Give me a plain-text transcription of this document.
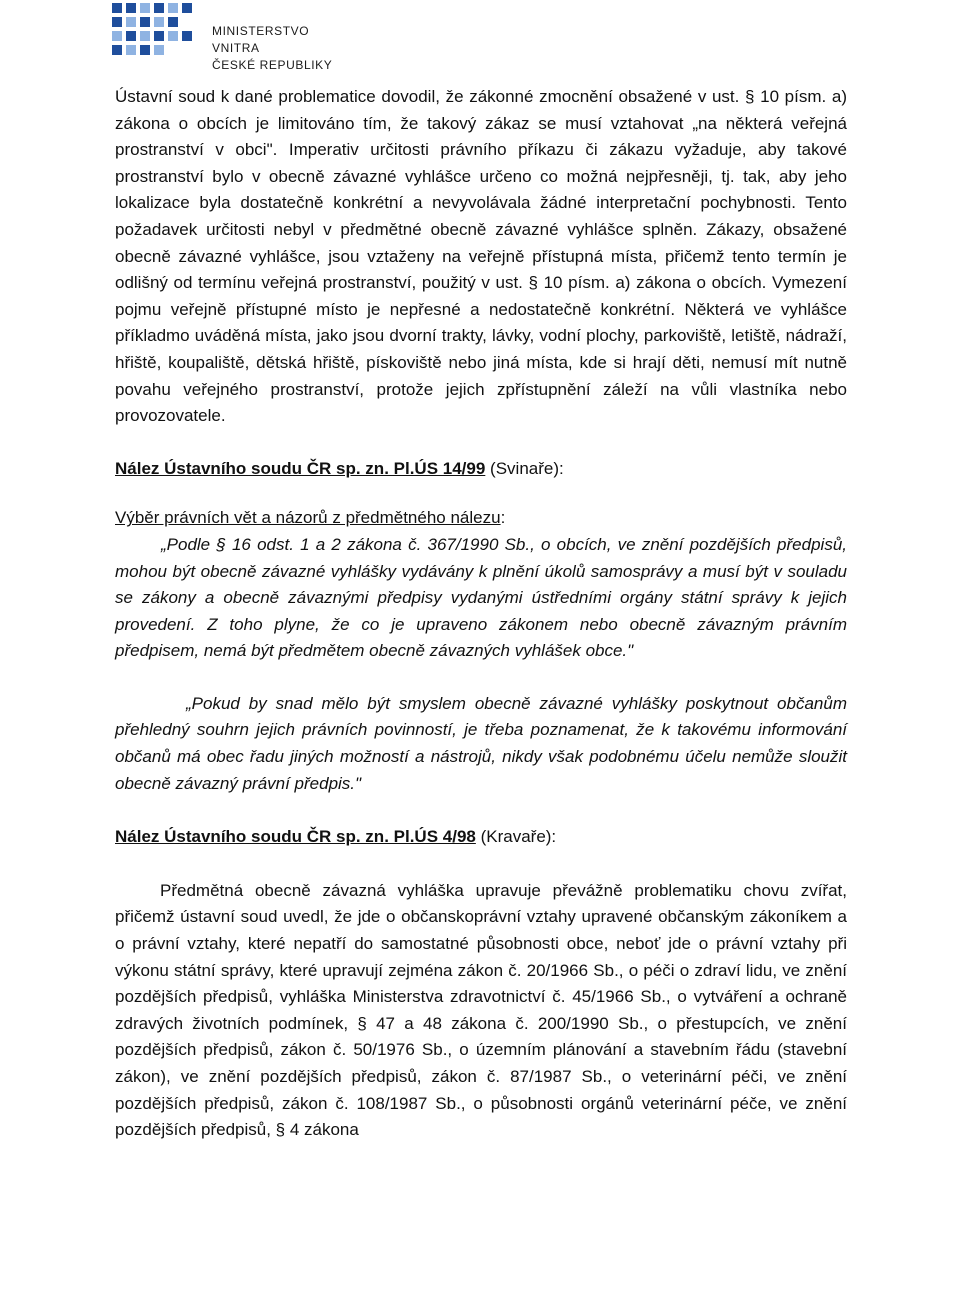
MINISTERSTVO VNITRA
ČESKÉ REPUBLIKY

Ústavní soud k dané problematice dovodil, že zákonné zmocnění obsažené v ust. § 10 písm. a) zákona o obcích je limitováno tím, že takový zákaz se musí vztahovat „na některá veřejná prostranství v obci". Imperativ určitosti právního příkazu či zákazu vyžaduje, aby takové prostranství bylo v obecně závazné vyhlášce určeno co možná nejpřesněji, tj. tak, aby jeho lokalizace byla dostatečně konkrétní a nevyvolávala žádné interpretační pochybnosti. Tento požadavek určitosti nebyl v předmětné obecně závazné vyhlášce splněn. Zákazy, obsažené obecně závazné vyhlášce, jsou vztaženy na veřejně přístupná místa, přičemž tento termín je odlišný od termínu veřejná prostranství, použitý v ust. § 10 písm. a) zákona o obcích. Vymezení pojmu veřejně přístupné místo je nepřesné a nedostatečně konkrétní. Některá ve vyhlášce příkladmo uváděná místa, jako jsou dvorní trakty, lávky, vodní plochy, parkoviště, letiště, nádraží, hřiště, koupaliště, dětská hřiště, pískoviště nebo jiná místa, kde si hrají děti, nemusí mít nutně povahu veřejného prostranství, protože jejich zpřístupnění záleží na vůli vlastníka nebo provozovatele.

Nález Ústavního soudu ČR sp. zn. Pl.ÚS 14/99 (Svinaře):

Výběr právních vět a názorů z předmětného nálezu:

„Podle § 16 odst. 1 a 2 zákona č. 367/1990 Sb., o obcích, ve znění pozdějších předpisů, mohou být obecně závazné vyhlášky vydávány k plnění úkolů samosprávy a musí být v souladu se zákony a obecně závaznými předpisy vydanými ústředními orgány státní správy k jejich provedení. Z toho plyne, že co je upraveno zákonem nebo obecně závazným právním předpisem, nemá být předmětem obecně závazných vyhlášek obce."

„Pokud by snad mělo být smyslem obecně závazné vyhlášky poskytnout občanům přehledný souhrn jejich právních povinností, je třeba poznamenat, že k takovému informování občanů má obec řadu jiných možností a nástrojů, nikdy však podobnému účelu nemůže sloužit obecně závazný právní předpis."

Nález Ústavního soudu ČR sp. zn. Pl.ÚS 4/98 (Kravaře):

Předmětná obecně závazná vyhláška upravuje převážně problematiku chovu zvířat, přičemž ústavní soud uvedl, že jde o občanskoprávní vztahy upravené občanským zákoníkem a o právní vztahy, které nepatří do samostatné působnosti obce, neboť jde o právní vztahy při výkonu státní správy, které upravují zejména zákon č. 20/1966 Sb., o péči o zdraví lidu, ve znění pozdějších předpisů, vyhláška Ministerstva zdravotnictví č. 45/1966 Sb., o vytváření a ochraně zdravých životních podmínek, § 47 a 48 zákona č. 200/1990 Sb., o přestupcích, ve znění pozdějších předpisů, zákon č. 50/1976 Sb., o územním plánování a stavebním řádu (stavební zákon), ve znění pozdějších předpisů, zákon č. 87/1987 Sb., o veterinární péči, ve znění pozdějších předpisů, zákon č. 108/1987 Sb., o působnosti orgánů veterinární péče, ve znění pozdějších předpisů, § 4 zákona
